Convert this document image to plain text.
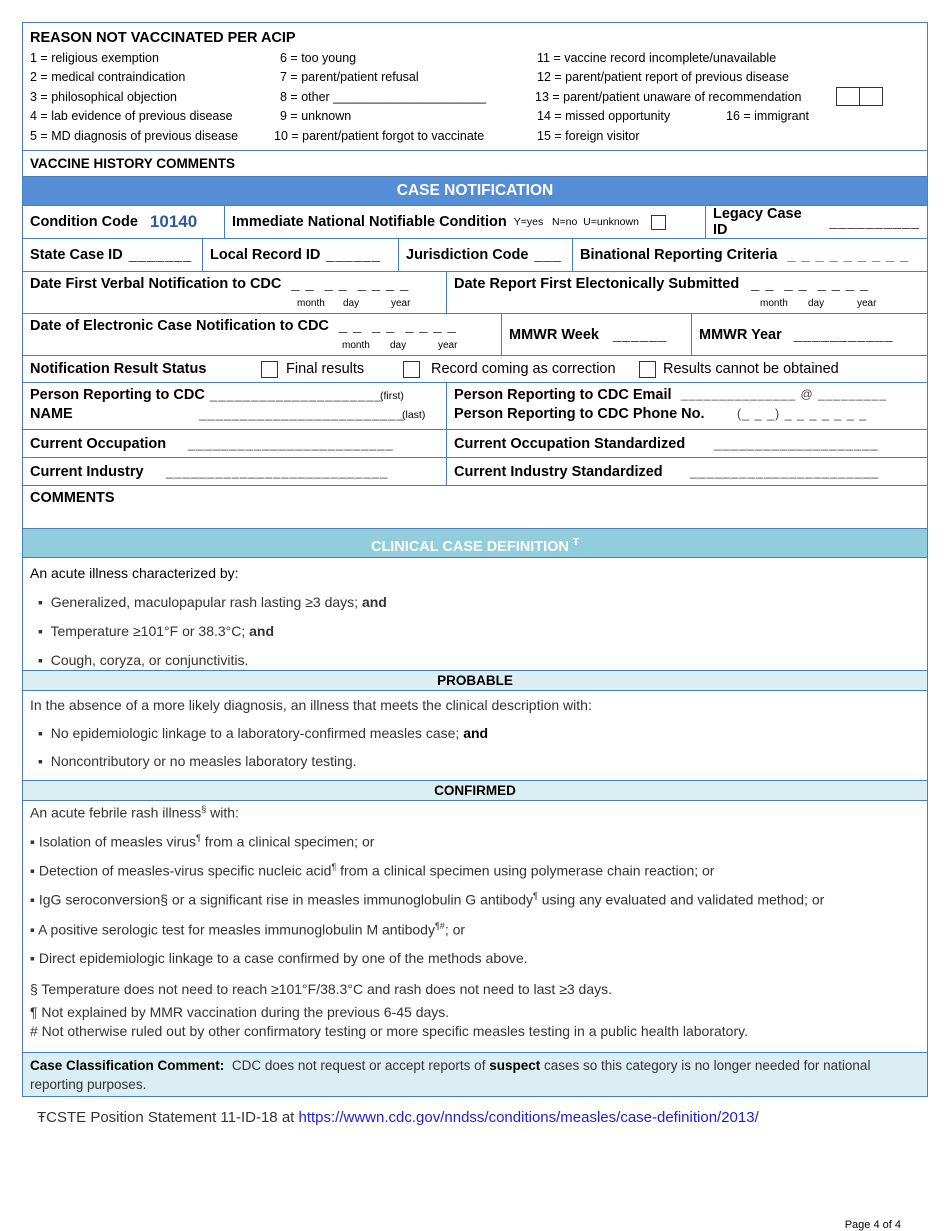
REASON NOT VACCINATED PER ACIP
1 = religious exemption
2 = medical contraindication
3 = philosophical objection
4 = lab evidence of previous disease
5 = MD diagnosis of previous disease
6 = too young
7 = parent/patient refusal
8 = other ______________________
9 = unknown
10 = parent/patient forgot to vaccinate
11 = vaccine record incomplete/unavailable
12 = parent/patient report of previous disease
13 = parent/patient unaware of recommendation
14 = missed opportunity
15 = foreign visitor
16 = immigrant
VACCINE HISTORY COMMENTS
CASE NOTIFICATION
Condition Code 10140 Immediate National Notifiable Condition Y=yes   N=no  U=unknown	Legacy Case ID	__________
State Case ID _______ Local Record ID ______ Jurisdiction Code ___ Binational Reporting Criteria _ _ _ _ _ _ _ _ _
Date First Verbal Notification to CDC _ _  _ _  _ _ _ _
month day	year
Date Report First Electonically Submitted _ _  _ _  _ _ _ _
month day	year
Date of Electronic Case Notification to CDC _ _  _ _  _ _ _ _
month day	year
MMWR Week ______ MMWR Year ___________
Notification Result Status	Final results	Record coming as correction	Results cannot be obtained
Person Reporting to CDC _____________________
(first)
NAME	_________________________
(last)
Person Reporting to CDC Email _______________ @ _________
Person Reporting to CDC Phone No.	(_ _ _) _ _ _ _ _ _ _
Current Occupation	_________________________	Current Occupation Standardized	____________________
Current Industry	___________________________	Current Industry Standardized	_______________________
COMMENTS
CLINICAL CASE DEFINITION $^Ŧ$
An acute illness characterized by:
▪  Generalized, maculopapular rash lasting ≥3 days; and
▪  Temperature ≥101°F or 38.3°C; and
▪  Cough, coryza, or conjunctivitis.
PROBABLE
In the absence of a more likely diagnosis, an illness that meets the clinical description with:
▪  No epidemiologic linkage to a laboratory-confirmed measles case; and
▪  Noncontributory or no measles laboratory testing.
CONFIRMED
An acute febrile rash illness§ with:
▪ Isolation of measles virus¶ from a clinical specimen; or
▪ Detection of measles-virus specific nucleic acid¶ from a clinical specimen using polymerase chain reaction; or
▪ IgG seroconversion§ or a significant rise in measles immunoglobulin G antibody¶ using any evaluated and validated method; or
▪ A positive serologic test for measles immunoglobulin M antibody¶#; or
▪ Direct epidemiologic linkage to a case confirmed by one of the methods above.
§ Temperature does not need to reach ≥101°F/38.3°C and rash does not need to last ≥3 days.
¶ Not explained by MMR vaccination during the previous 6-45 days.
# Not otherwise ruled out by other confirmatory testing or more specific measles testing in a public health laboratory.
Case Classification Comment:  CDC does not request or accept reports of suspect cases so this category is no longer needed for national reporting purposes.
ŦCSTE Position Statement 11-ID-18 at https://wwwn.cdc.gov/nndss/conditions/measles/case-definition/2013/
Page 4 of 4
